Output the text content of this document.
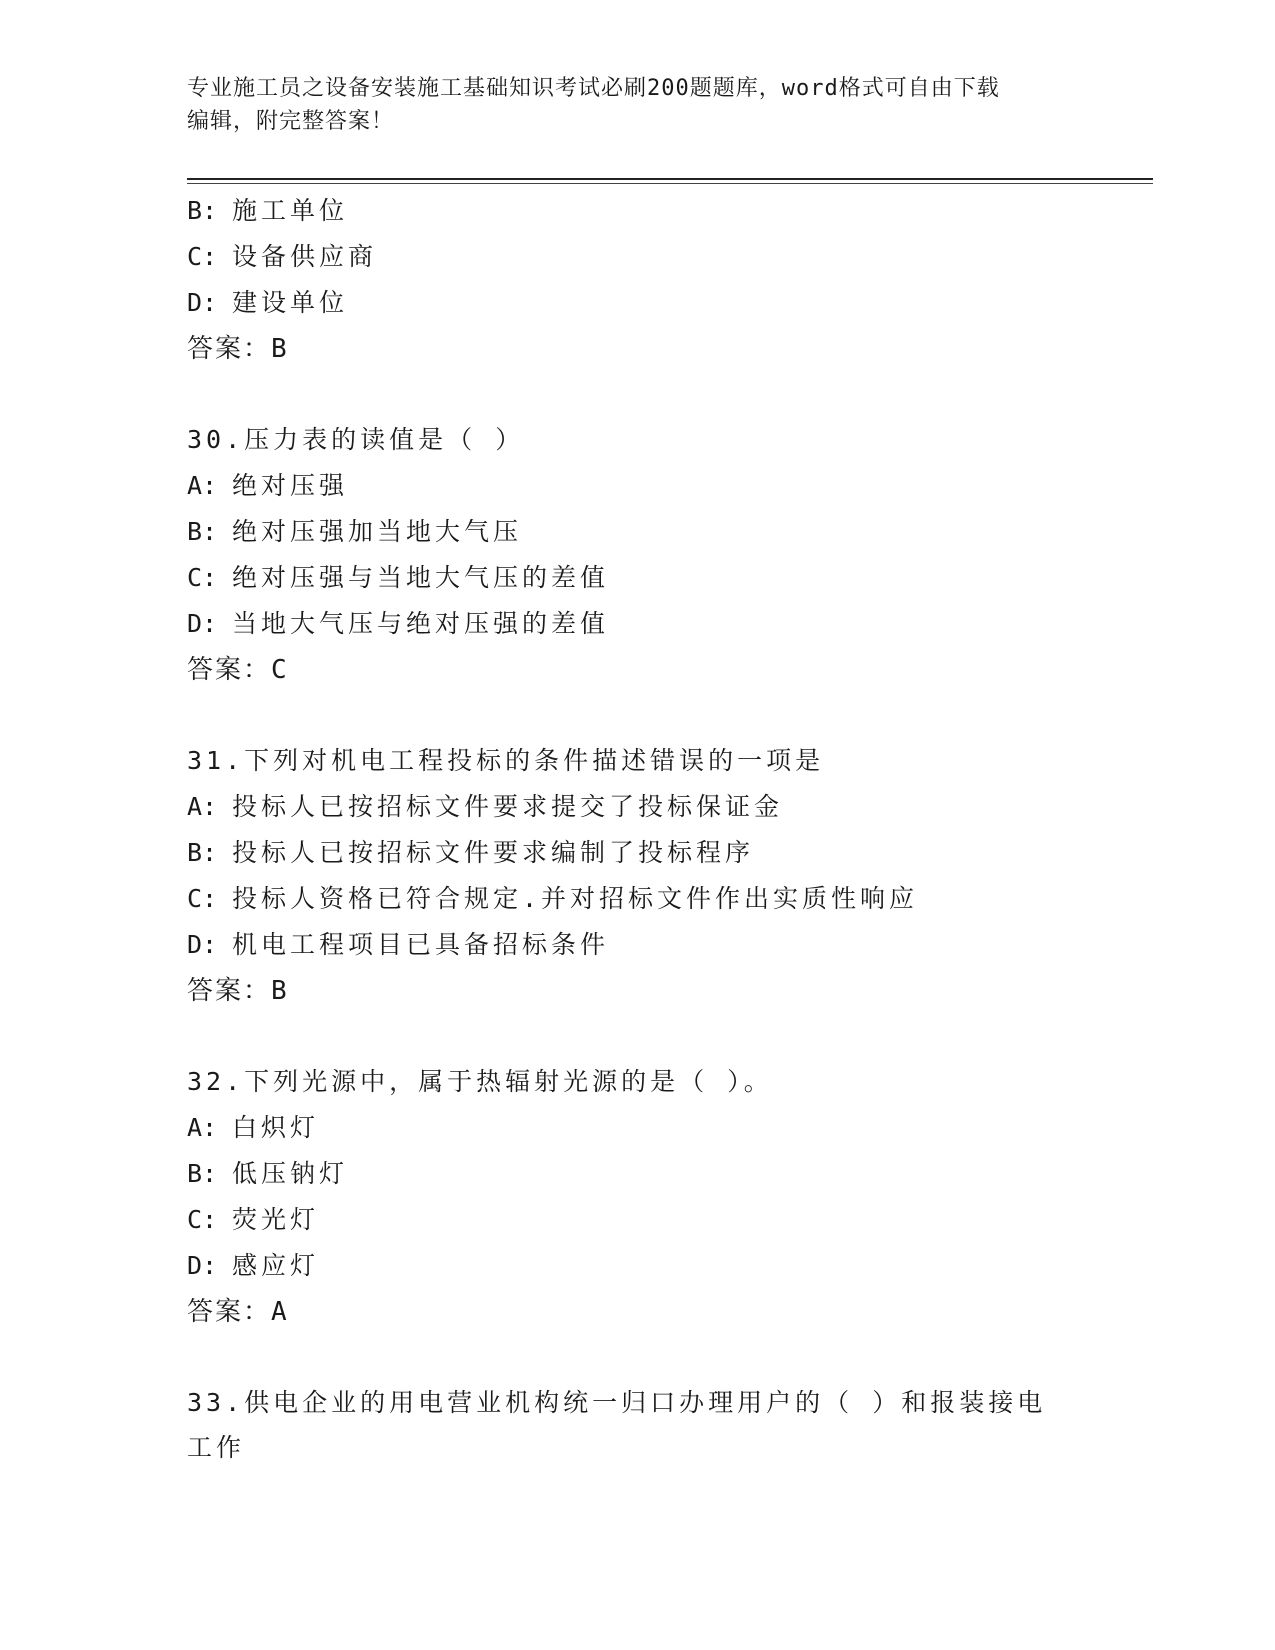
专业施工员之设备安装施工基础知识考试必刷200题题库，word格式可自由下载
编辑，附完整答案！
B: 施工单位
C: 设备供应商
D: 建设单位
答案：B
30.压力表的读值是（ ）
A: 绝对压强
B: 绝对压强加当地大气压
C: 绝对压强与当地大气压的差值
D: 当地大气压与绝对压强的差值
答案：C
31.下列对机电工程投标的条件描述错误的一项是
A: 投标人已按招标文件要求提交了投标保证金
B: 投标人已按招标文件要求编制了投标程序
C: 投标人资格已符合规定.并对招标文件作出实质性响应
D: 机电工程项目已具备招标条件
答案：B
32.下列光源中，属于热辐射光源的是（ ）。
A: 白炽灯
B: 低压钠灯
C: 荧光灯
D: 感应灯
答案：A
33.供电企业的用电营业机构统一归口办理用户的（ ）和报装接电工作
